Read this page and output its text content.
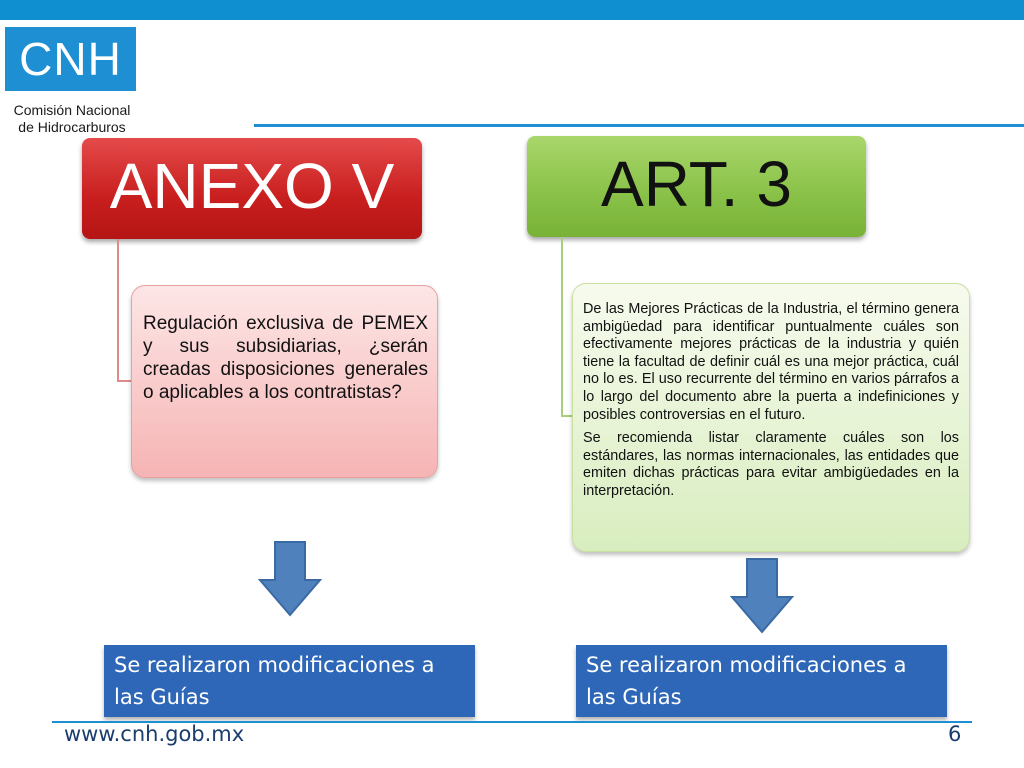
CNH
Comisión Nacional
de Hidrocarburos
ANEXO V
Regulación exclusiva de PEMEX y sus subsidiarias, ¿serán creadas disposiciones generales o aplicables a los contratistas?
Se realizaron modificaciones a las Guías
ART. 3

De las Mejores Prácticas de la Industria, el término genera ambigüedad para identificar puntualmente cuáles son efectivamente mejores prácticas de la industria y quién tiene la facultad de definir cuál es una mejor práctica, cuál no lo es. El uso recurrente del término en varios párrafos a lo largo del documento abre la puerta a indefiniciones y posibles controversias en el futuro.

Se recomienda listar claramente cuáles son los estándares, las normas internacionales, las entidades que emiten dichas prácticas para evitar ambigüedades en la interpretación.

Se realizaron modificaciones a las Guías
www.cnh.gob.mx	6
